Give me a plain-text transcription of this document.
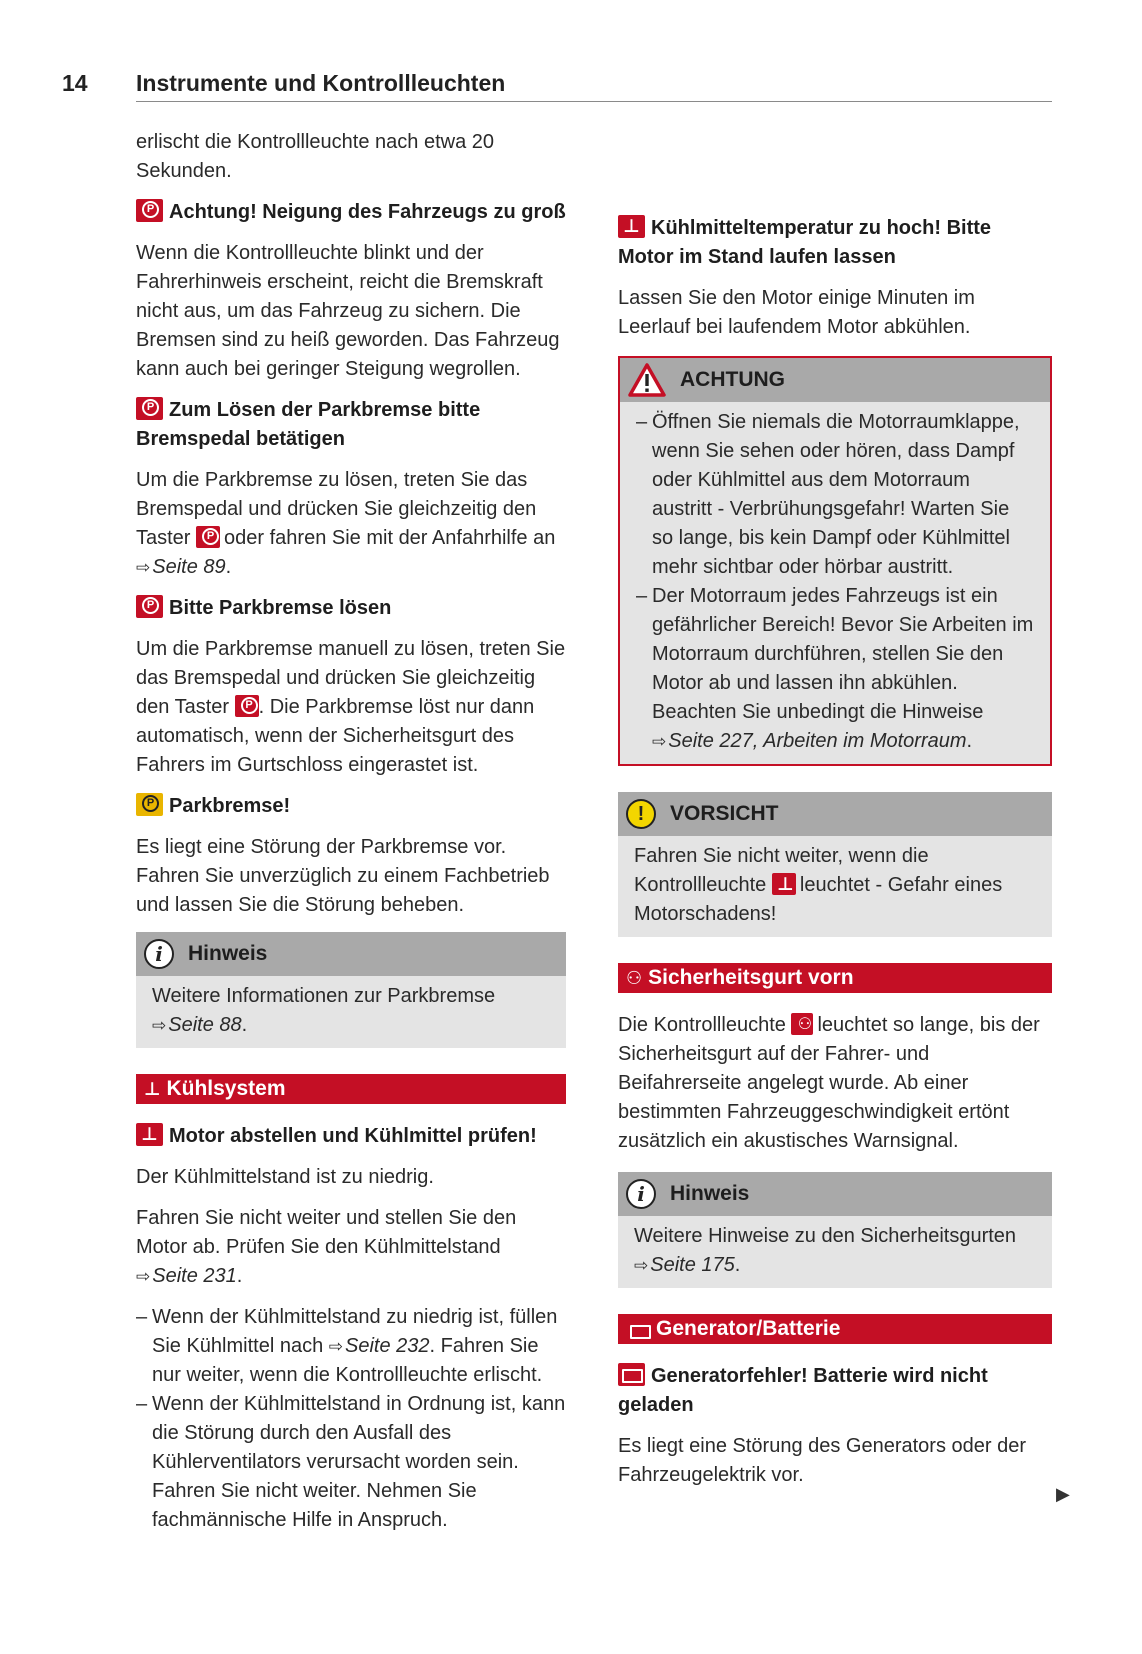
14 Instrumente und Kontrollleuchten

erlischt die Kontrollleuchte nach etwa 20 Sekunden.

PAchtung! Neigung des Fahrzeugs zu groß

Wenn die Kontrollleuchte blinkt und der Fahrerhinweis erscheint, reicht die Bremskraft nicht aus, um das Fahrzeug zu sichern. Die Bremsen sind zu heiß geworden. Das Fahrzeug kann auch bei geringer Steigung wegrollen.

PZum Lösen der Parkbremse bitte Bremspedal betätigen

Um die Parkbremse zu lösen, treten Sie das Bremspedal und drücken Sie gleichzeitig den Taster P oder fahren Sie mit der Anfahrhilfe an ⇨ Seite 89.

PBitte Parkbremse lösen

Um die Parkbremse manuell zu lösen, treten Sie das Bremspedal und drücken Sie gleichzeitig den Taster P . Die Parkbremse löst nur dann automatisch, wenn der Sicherheitsgurt des Fahrers im Gurtschloss eingerastet ist.

PParkbremse!

Es liegt eine Störung der Parkbremse vor. Fahren Sie unverzüglich zu einem Fachbetrieb und lassen Sie die Störung beheben.

i	Hinweis

Weitere Informationen zur Parkbremse ⇨ Seite 88.

⊥ Kühlsystem
⊥Motor abstellen und Kühlmittel prüfen!

Der Kühlmittelstand ist zu niedrig.

Fahren Sie nicht weiter und stellen Sie den Motor ab. Prüfen Sie den Kühlmittelstand ⇨ Seite 231.

– Wenn der Kühlmittelstand zu niedrig ist, füllen Sie Kühlmittel nach ⇨ Seite 232. Fahren Sie nur weiter, wenn die Kontrollleuchte erlischt.
– Wenn der Kühlmittelstand in Ordnung ist, kann die Störung durch den Ausfall des Kühlerventilators verursacht worden sein. Fahren Sie nicht weiter. Nehmen Sie fachmännische Hilfe in Anspruch.
⊥Kühlmitteltemperatur zu hoch! Bitte Motor im Stand laufen lassen

Lassen Sie den Motor einige Minuten im Leerlauf bei laufendem Motor abkühlen.

ACHTUNG
– Öffnen Sie niemals die Motorraumklappe, wenn Sie sehen oder hören, dass Dampf oder Kühlmittel aus dem Motorraum austritt - Verbrühungsgefahr! Warten Sie so lange, bis kein Dampf oder Kühlmittel mehr sichtbar oder hörbar austritt.
– Der Motorraum jedes Fahrzeugs ist ein gefährlicher Bereich! Bevor Sie Arbeiten im Motorraum durchführen, stellen Sie den Motor ab und lassen ihn abkühlen. Beachten Sie unbedingt die Hinweise ⇨ Seite 227, Arbeiten im Motorraum.
!	VORSICHT

Fahren Sie nicht weiter, wenn die Kontrollleuchte ⊥ leuchtet - Gefahr eines Motorschadens!

⚇ Sicherheitsgurt vorn

Die Kontrollleuchte ⚇ leuchtet so lange, bis der Sicherheitsgurt auf der Fahrer- und Beifahrerseite angelegt wurde. Ab einer bestimmten Fahrzeuggeschwindigkeit ertönt zusätzlich ein akustisches Warnsignal.

i	Hinweis

Weitere Hinweise zu den Sicherheitsgurten ⇨ Seite 175.

Generator/Batterie
Generatorfehler! Batterie wird nicht geladen

Es liegt eine Störung des Generators oder der Fahrzeugelektrik vor.

▶
